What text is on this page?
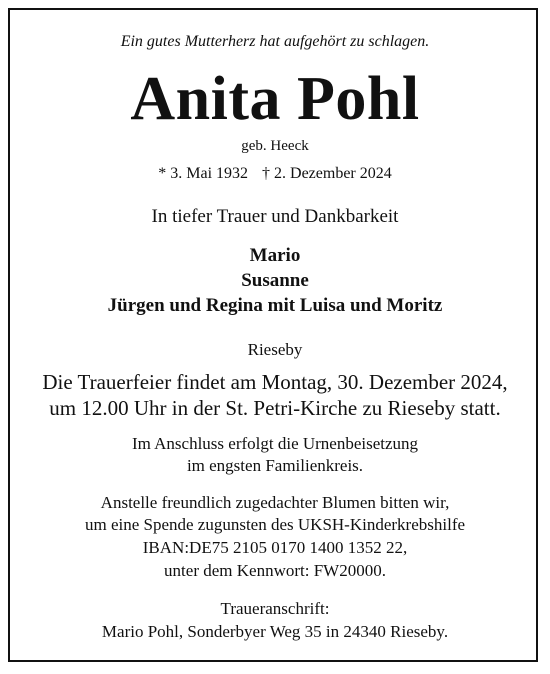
Ein gutes Mutterherz hat aufgehört zu schlagen.
Anita Pohl
geb. Heeck
* 3. Mai 1932 † 2. Dezember 2024
In tiefer Trauer und Dankbarkeit
Mario
Susanne
Jürgen und Regina mit Luisa und Moritz
Rieseby
Die Trauerfeier findet am Montag, 30. Dezember 2024,
um 12.00 Uhr in der St. Petri-Kirche zu Rieseby statt.
Im Anschluss erfolgt die Urnenbeisetzung
im engsten Familienkreis.
Anstelle freundlich zugedachter Blumen bitten wir,
um eine Spende zugunsten des UKSH-Kinderkrebshilfe
IBAN:DE75 2105 0170 1400 1352 22,
unter dem Kennwort: FW20000.
Traueranschrift:
Mario Pohl, Sonderbyer Weg 35 in 24340 Rieseby.
